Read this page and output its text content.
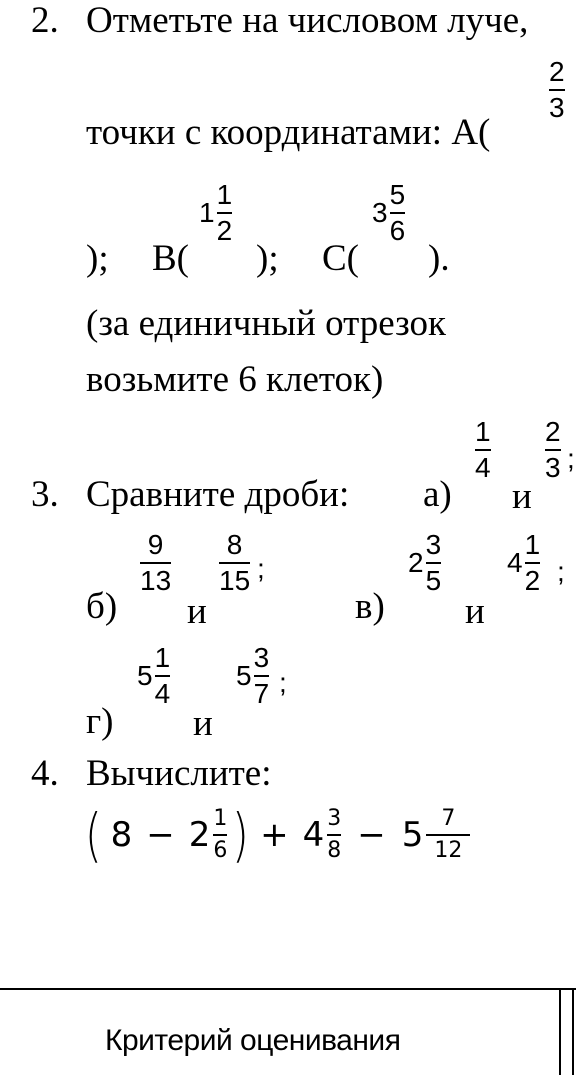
2. Отметьте на числовом луче,
точки с координатами: А(
2
3
); В(
1
1
2
); С(
3
5
6
).
(за единичный отрезок
возьмите 6 клеток)
3. Сравните дроби: а)
1
4
и
2
3 ;
б)
9
13
и
8
15 ;
в)
2
3
5
и
4
1
2 ;
г)
5
1
4
и
5
3
7 ;
4. Вычислите:
( 8 − 2 1
6 ) + 4 3
8 − 5 7
12
Критерий оценивания
